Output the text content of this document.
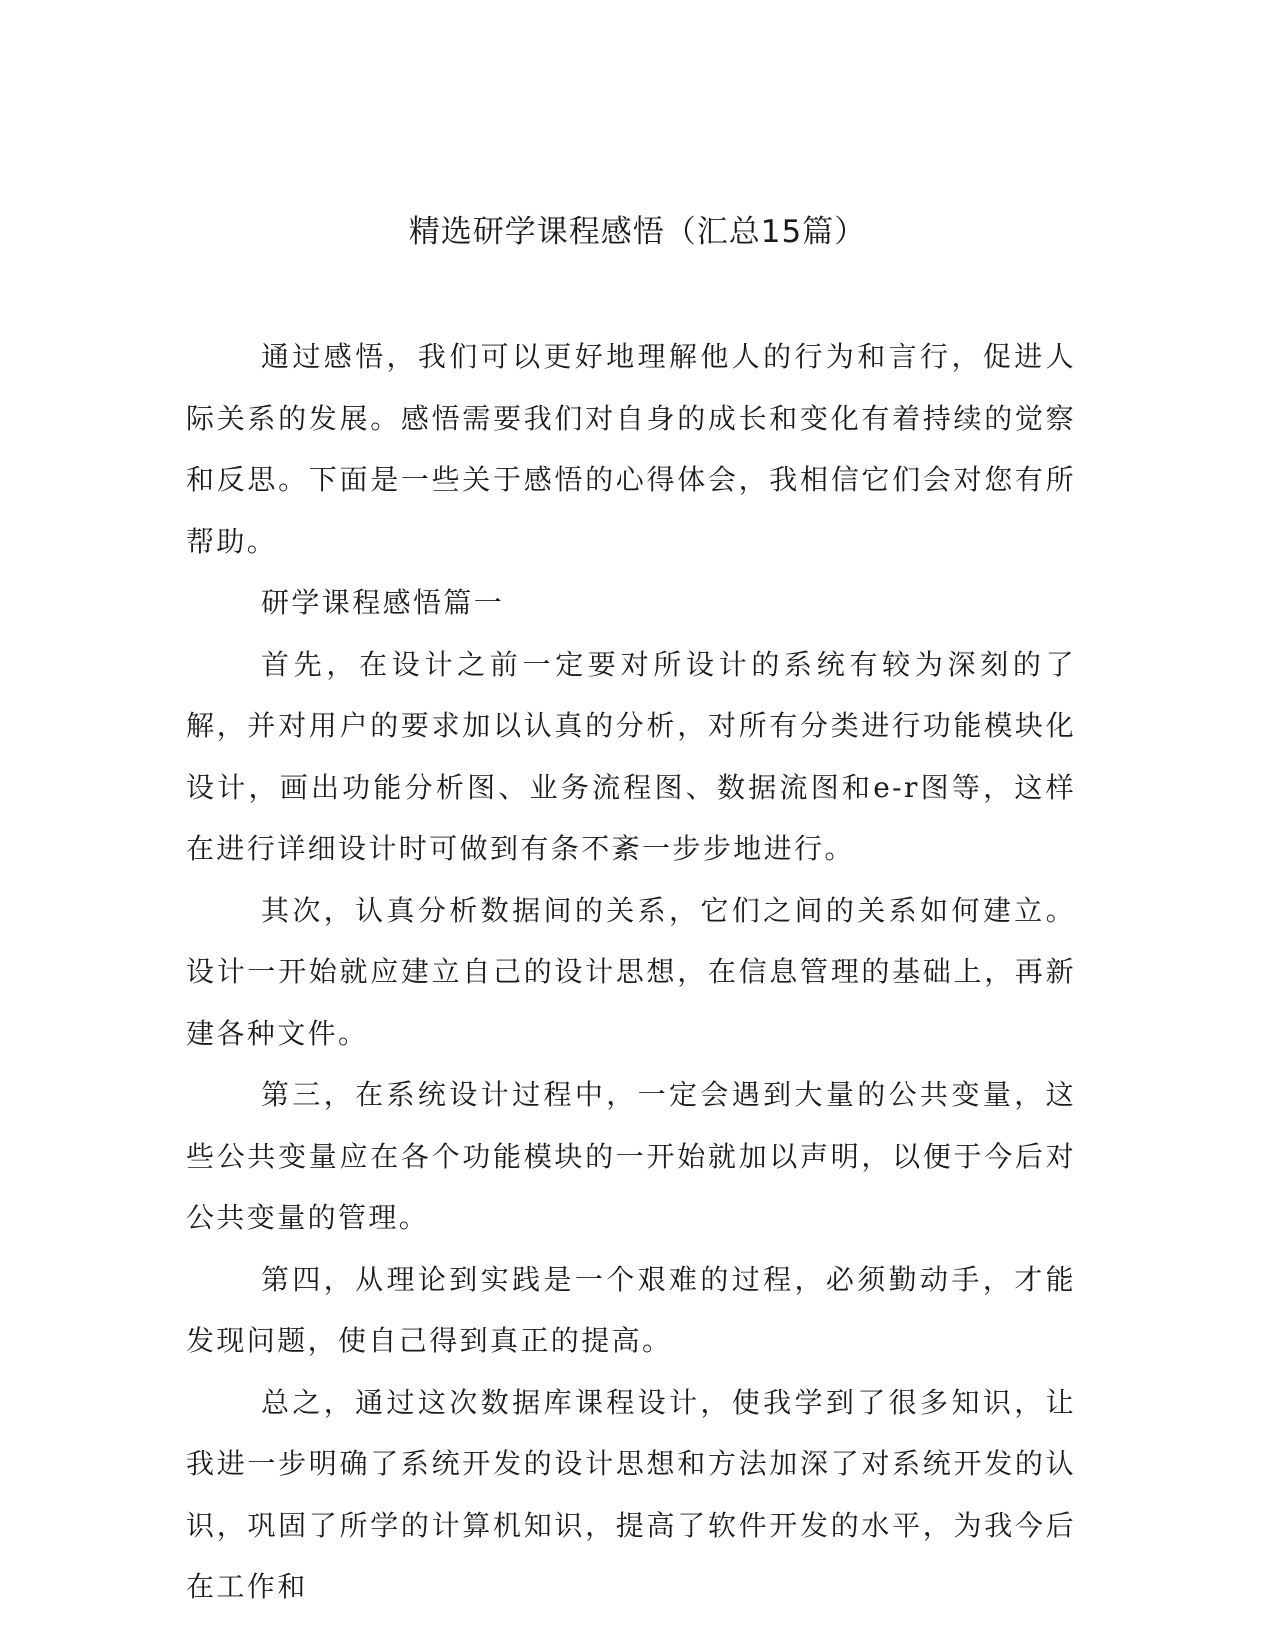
精选研学课程感悟（汇总15篇）

通过感悟，我们可以更好地理解他人的行为和言行，促进人际关系的发展。感悟需要我们对自身的成长和变化有着持续的觉察和反思。下面是一些关于感悟的心得体会，我相信它们会对您有所帮助。

研学课程感悟篇一

首先，在设计之前一定要对所设计的系统有较为深刻的了解，并对用户的要求加以认真的分析，对所有分类进行功能模块化设计，画出功能分析图、业务流程图、数据流图和e-r图等，这样在进行详细设计时可做到有条不紊一步步地进行。

其次，认真分析数据间的关系，它们之间的关系如何建立。设计一开始就应建立自己的设计思想，在信息管理的基础上，再新建各种文件。

第三，在系统设计过程中，一定会遇到大量的公共变量，这些公共变量应在各个功能模块的一开始就加以声明，以便于今后对公共变量的管理。

第四，从理论到实践是一个艰难的过程，必须勤动手，才能发现问题，使自己得到真正的提高。

总之，通过这次数据库课程设计，使我学到了很多知识，让我进一步明确了系统开发的设计思想和方法加深了对系统开发的认识，巩固了所学的计算机知识，提高了软件开发的水平，为我今后在工作和
